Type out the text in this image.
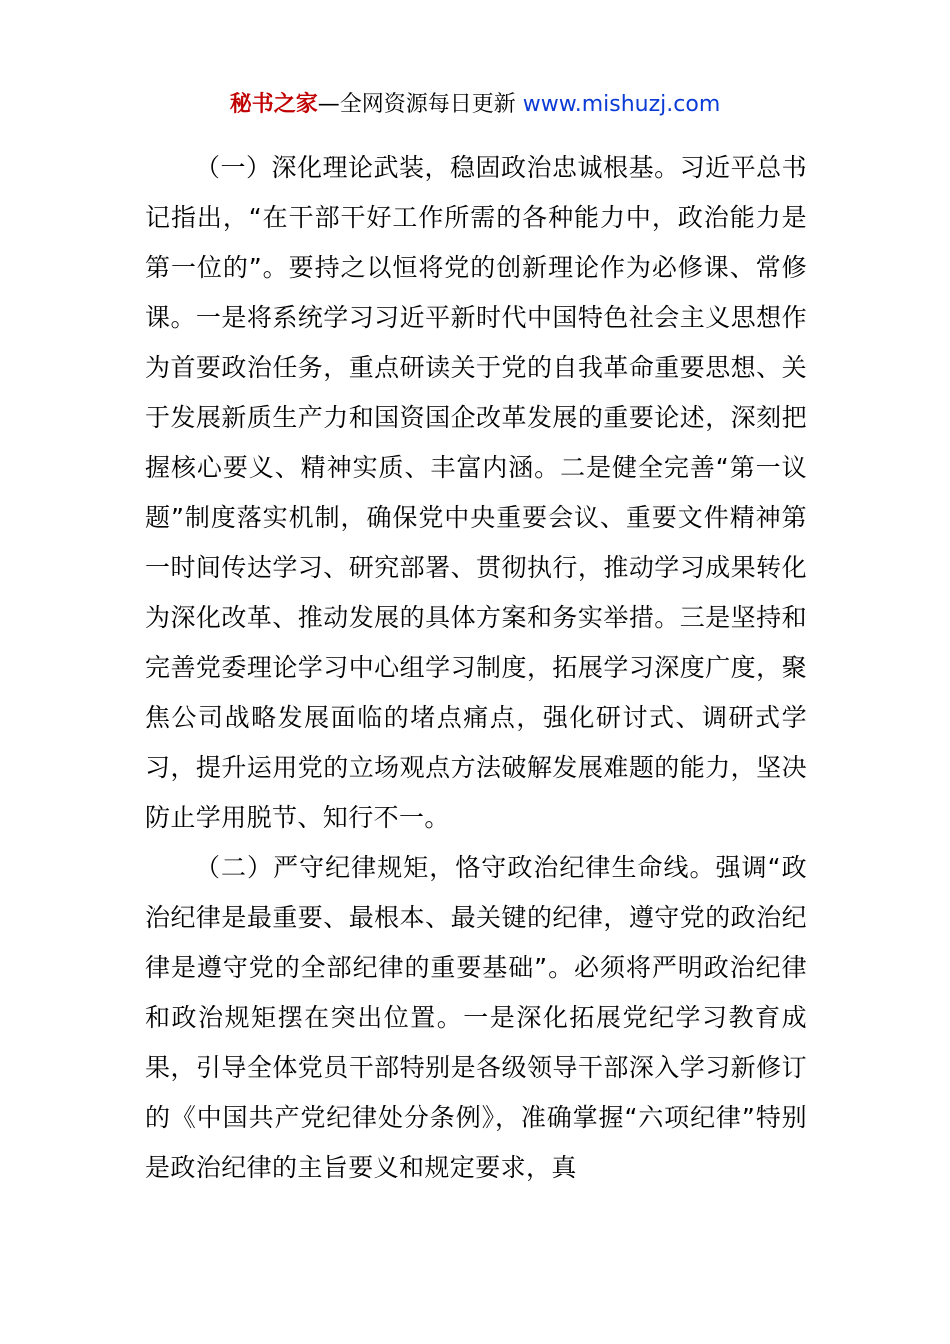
秘书之家—全网资源每日更新 www.mishuzj.com

（一）深化理论武装，稳固政治忠诚根基。习近平总书记指出，“在干部干好工作所需的各种能力中，政治能力是第一位的”。要持之以恒将党的创新理论作为必修课、常修课。一是将系统学习习近平新时代中国特色社会主义思想作为首要政治任务，重点研读关于党的自我革命重要思想、关于发展新质生产力和国资国企改革发展的重要论述，深刻把握核心要义、精神实质、丰富内涵。二是健全完善“第一议题”制度落实机制，确保党中央重要会议、重要文件精神第一时间传达学习、研究部署、贯彻执行，推动学习成果转化为深化改革、推动发展的具体方案和务实举措。三是坚持和完善党委理论学习中心组学习制度，拓展学习深度广度，聚焦公司战略发展面临的堵点痛点，强化研讨式、调研式学习，提升运用党的立场观点方法破解发展难题的能力，坚决防止学用脱节、知行不一。

（二）严守纪律规矩，恪守政治纪律生命线。强调“政治纪律是最重要、最根本、最关键的纪律，遵守党的政治纪律是遵守党的全部纪律的重要基础”。必须将严明政治纪律和政治规矩摆在突出位置。一是深化拓展党纪学习教育成果，引导全体党员干部特别是各级领导干部深入学习新修订的《中国共产党纪律处分条例》，准确掌握“六项纪律”特别是政治纪律的主旨要义和规定要求，真
